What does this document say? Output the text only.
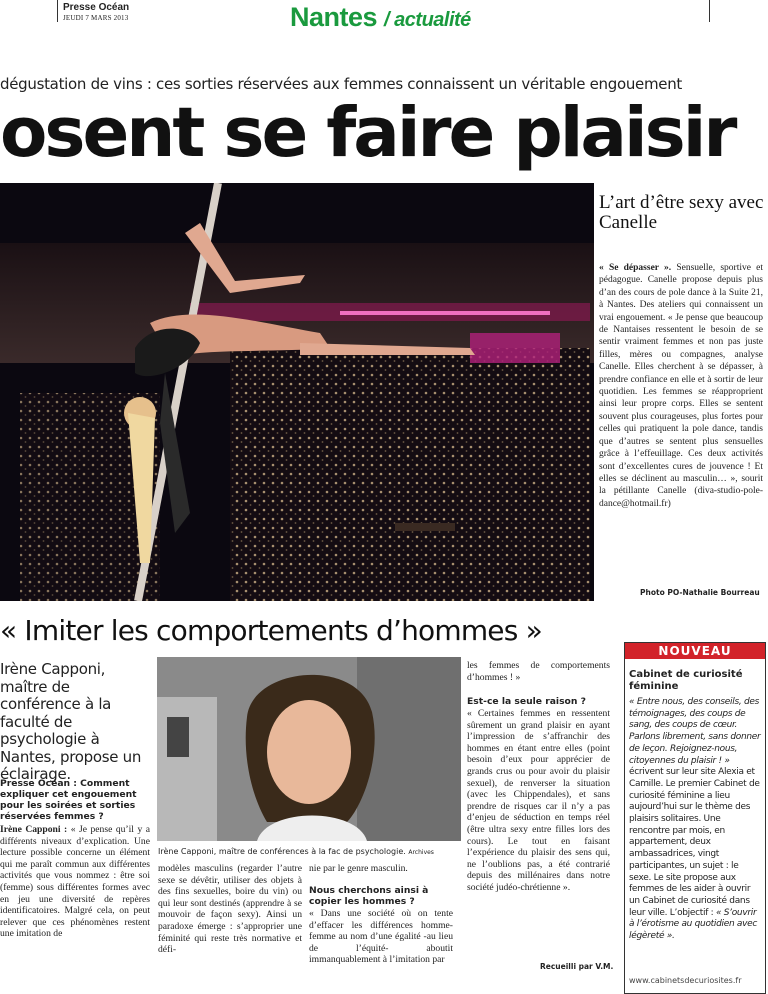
Presse Océan
JEUDI 7 MARS 2013	Nantes / actualité
dégustation de vins : ces sorties réservées aux femmes connaissent un véritable engouement
osent se faire plaisir
Photo PO-Nathalie Bourreau
L’art d’être sexy avec Canelle
« Se dépasser ». Sensuelle, sportive et pédagogue. Canelle propose depuis plus d’an des cours de pole dance à la Suite 21, à Nantes. Des ateliers qui connaissent un vrai engouement. « Je pense que beaucoup de Nantaises ressentent le besoin de se sentir vraiment femmes et non pas juste filles, mères ou compagnes, analyse Canelle. Elles cherchent à se dépasser, à prendre confiance en elle et à sortir de leur quotidien. Les femmes se réapproprient ainsi leur propre corps. Elles se sentent souvent plus courageuses, plus fortes pour celles qui pratiquent la pole dance, tandis que d’autres se sentent plus sensuelles grâce à l’effeuillage. Ces deux activités sont d’excellentes cures de jouvence ! Et elles se déclinent au masculin… », sourit la pétillante Canelle (diva-studio-pole-dance@hotmail.fr)
« Imiter les comportements d’hommes »
Irène Capponi, maître de conférence à la faculté de psychologie à Nantes, propose un éclairage.
Presse Océan : Comment expliquer cet engouement pour les soirées et sorties réservées femmes ?
Irène Capponi : « Je pense qu’il y a différents niveaux d’explication. Une lecture possible concerne un élément qui me paraît commun aux différentes activités que vous nommez : être soi (femme) sous différentes formes avec en jeu une diversité de repères identificatoires. Malgré cela, on peut relever que ces phénomènes restent une imitation de
Irène Capponi, maître de conférences à la fac de psychologie. Archives
modèles masculins (regarder l’autre sexe se dévêtir, utiliser des objets à des fins sexuelles, boire du vin) ou qui leur sont destinés (apprendre à se mouvoir de façon sexy). Ainsi un paradoxe émerge : s’approprier une féminité qui reste très normative et défi-
nie par le genre masculin.
Nous cherchons ainsi à copier les hommes ?
« Dans une société où on tente d’effacer les différences homme-femme au nom d’une égalité -au lieu de l’équité- aboutit immanquablement à l’imitation par
les femmes de comportements d’hommes ! »
Est-ce la seule raison ?
« Certaines femmes en ressentent sûrement un grand plaisir en ayant l’impression de s’affranchir des hommes en étant entre elles (point besoin d’eux pour apprécier de grands crus ou pour avoir du plaisir sexuel), de renverser la situation (avec les Chippendales), et sans prendre de risques car il n’y a pas d’enjeu de séduction en temps réel (être ultra sexy entre filles lors des cours). Le tout en faisant l’expérience du plaisir des sens qui, ne l’oublions pas, a été contrarié depuis des millénaires dans notre société judéo-chrétienne ».
Recueilli par V.M.
NOUVEAU
Cabinet de curiosité féminine
« Entre nous, des conseils, des témoignages, des coups de sang, des coups de cœur. Parlons librement, sans donner de leçon. Rejoignez-nous, citoyennes du plaisir ! » écrivent sur leur site Alexia et Camille. Le premier Cabinet de curiosité féminine a lieu aujourd’hui sur le thème des plaisirs solitaires. Une rencontre par mois, en appartement, deux ambassadrices, vingt participantes, un sujet : le sexe. Le site propose aux femmes de les aider à ouvrir un Cabinet de curiosité dans leur ville. L’objectif : « S’ouvrir à l’érotisme au quotidien avec légèreté ».
www.cabinetsdecuriosites.fr
